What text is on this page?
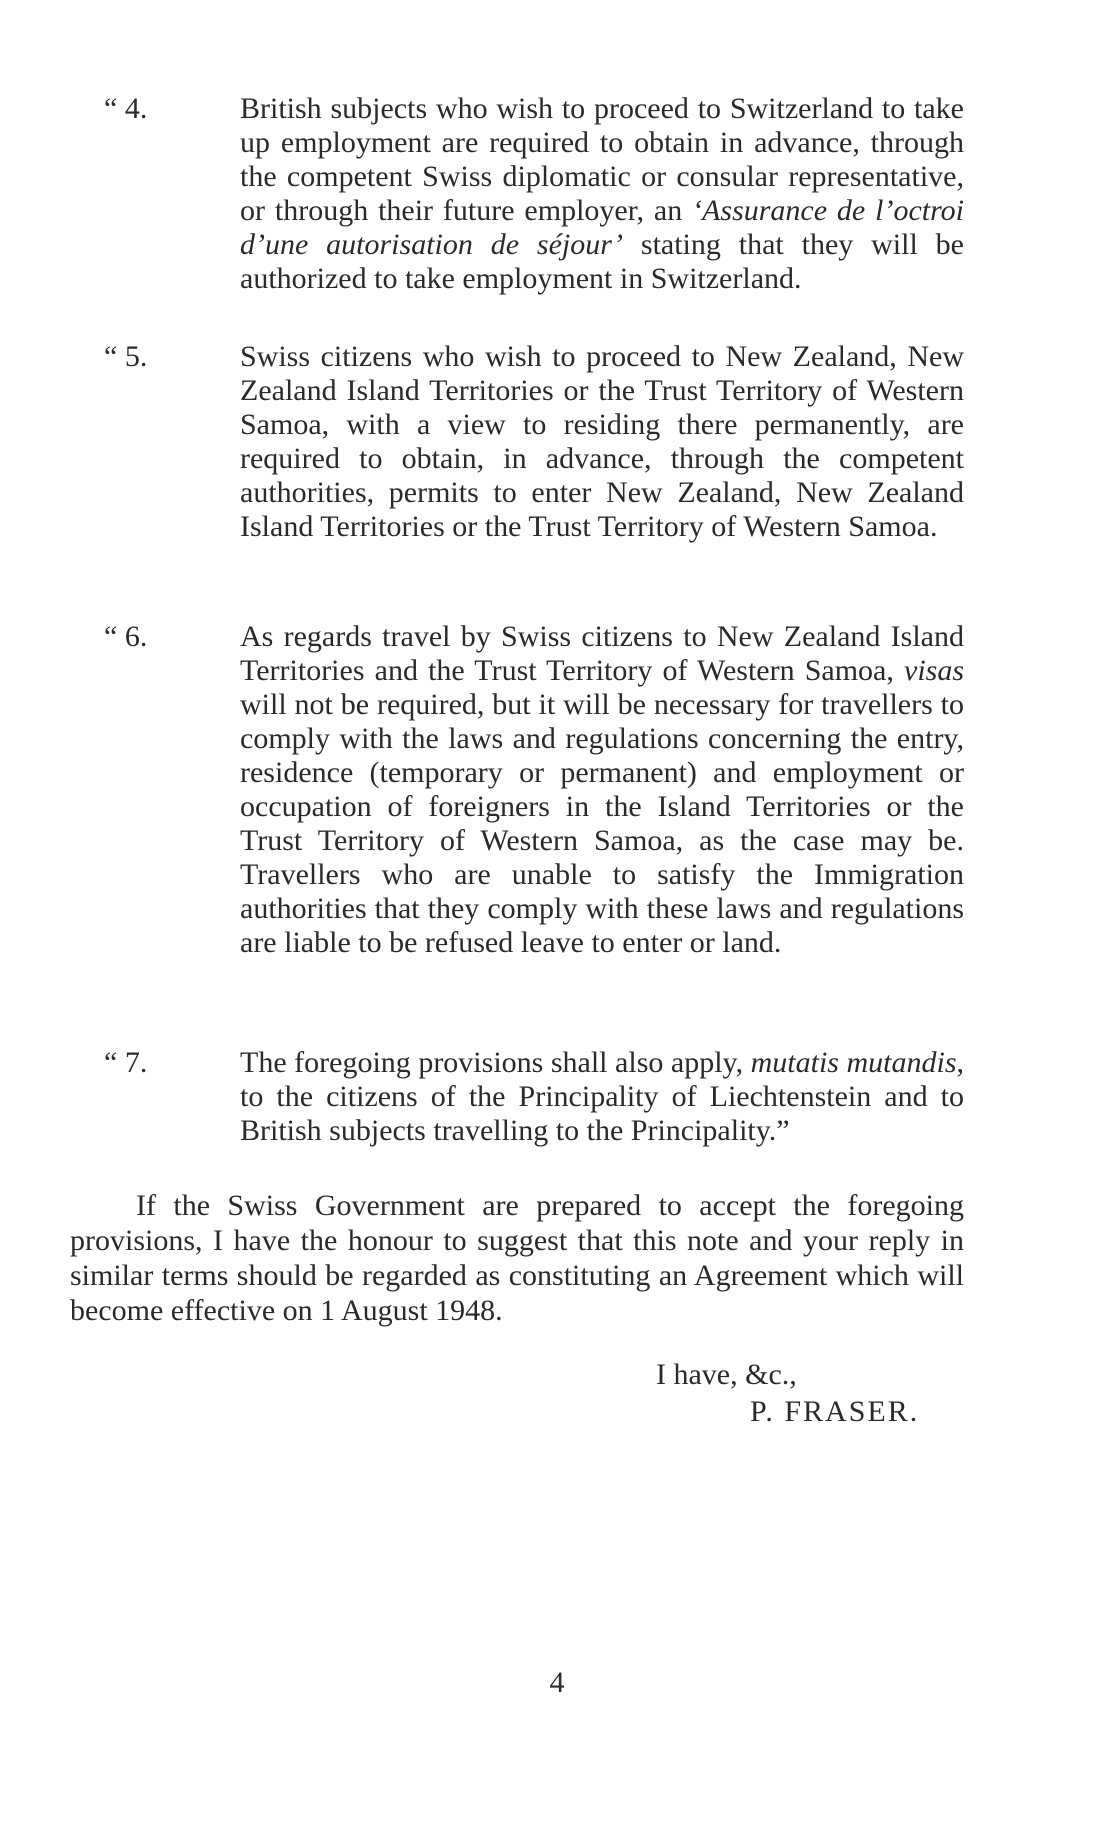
“ 4.	British subjects who wish to proceed to Switzerland to take up employment are required to obtain in advance, through the competent Swiss diplomatic or consular representative, or through their future employer, an ‘Assurance de l’octroi d’une autorisation de séjour’ stating that they will be authorized to take employment in Switzerland.
“ 5.	Swiss citizens who wish to proceed to New Zealand, New Zealand Island Territories or the Trust Territory of Western Samoa, with a view to residing there permanently, are required to obtain, in advance, through the competent authorities, permits to enter New Zealand, New Zealand Island Territories or the Trust Territory of Western Samoa.
“ 6.	As regards travel by Swiss citizens to New Zealand Island Territories and the Trust Territory of Western Samoa, visas will not be required, but it will be necessary for travellers to comply with the laws and regulations concerning the entry, residence (temporary or permanent) and employment or occupation of foreigners in the Island Territories or the Trust Territory of Western Samoa, as the case may be. Travellers who are unable to satisfy the Immigration authorities that they comply with these laws and regulations are liable to be refused leave to enter or land.
“ 7.	The foregoing provisions shall also apply, mutatis mutandis, to the citizens of the Principality of Liechtenstein and to British subjects travelling to the Principality.”
If the Swiss Government are prepared to accept the foregoing provisions, I have the honour to suggest that this note and your reply in similar terms should be regarded as constituting an Agreement which will become effective on 1 August 1948.
I have, &c.,
P. FRASER.
4
